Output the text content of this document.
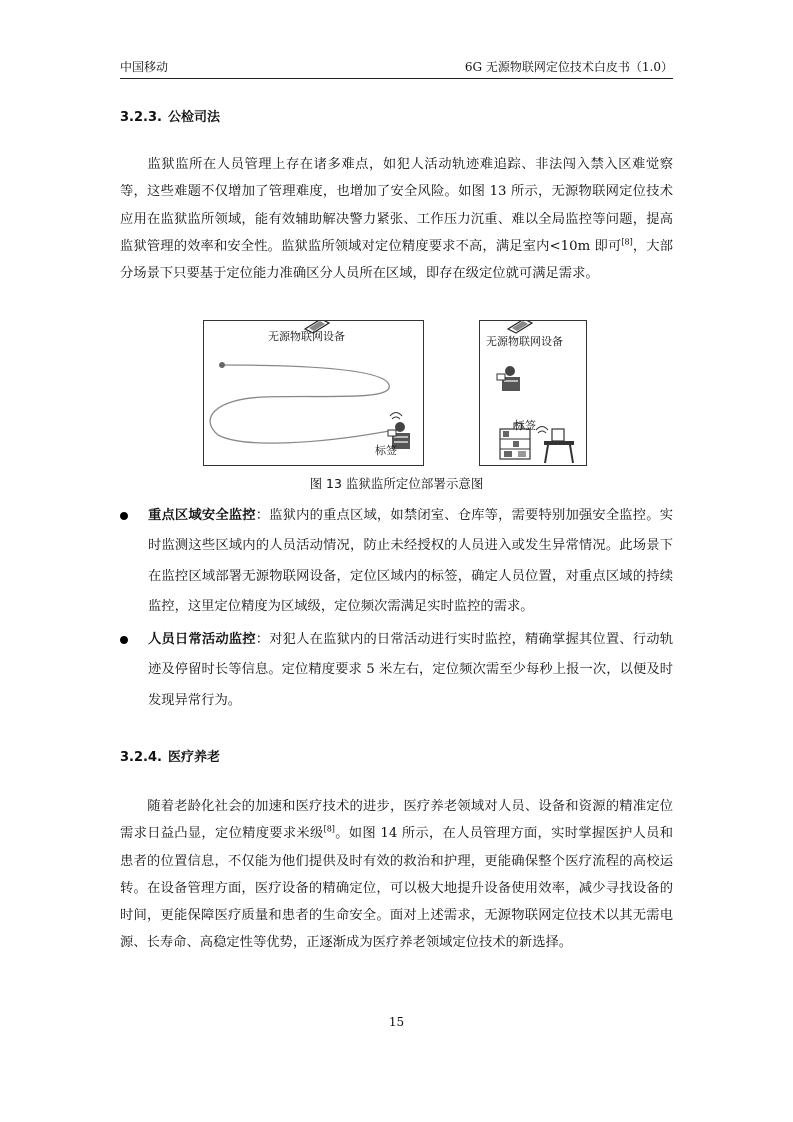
中国移动	6G 无源物联网定位技术白皮书（1.0）
3.2.3. 公检司法

监狱监所在人员管理上存在诸多难点，如犯人活动轨迹难追踪、非法闯入禁入区难觉察等，这些难题不仅增加了管理难度，也增加了安全风险。如图 13 所示，无源物联网定位技术应用在监狱监所领域，能有效辅助解决警力紧张、工作压力沉重、难以全局监控等问题，提高监狱管理的效率和安全性。监狱监所领域对定位精度要求不高，满足室内<10m 即可[8]，大部分场景下只要基于定位能力准确区分人员所在区域，即存在级定位就可满足需求。

无源物联网设备
标签
无源物联网设备
标签
图 13 监狱监所定位部署示意图

重点区域安全监控：监狱内的重点区域，如禁闭室、仓库等，需要特别加强安全监控。实时监测这些区域内的人员活动情况，防止未经授权的人员进入或发生异常情况。此场景下在监控区域部署无源物联网设备，定位区域内的标签，确定人员位置，对重点区域的持续监控，这里定位精度为区域级，定位频次需满足实时监控的需求。

人员日常活动监控：对犯人在监狱内的日常活动进行实时监控，精确掌握其位置、行动轨迹及停留时长等信息。定位精度要求 5 米左右，定位频次需至少每秒上报一次，以便及时发现异常行为。

3.2.4. 医疗养老

随着老龄化社会的加速和医疗技术的进步，医疗养老领域对人员、设备和资源的精准定位需求日益凸显，定位精度要求米级[8]。如图 14 所示，在人员管理方面，实时掌握医护人员和患者的位置信息，不仅能为他们提供及时有效的救治和护理，更能确保整个医疗流程的高校运转。在设备管理方面，医疗设备的精确定位，可以极大地提升设备使用效率，减少寻找设备的时间，更能保障医疗质量和患者的生命安全。面对上述需求，无源物联网定位技术以其无需电源、长寿命、高稳定性等优势，正逐渐成为医疗养老领域定位技术的新选择。

15
